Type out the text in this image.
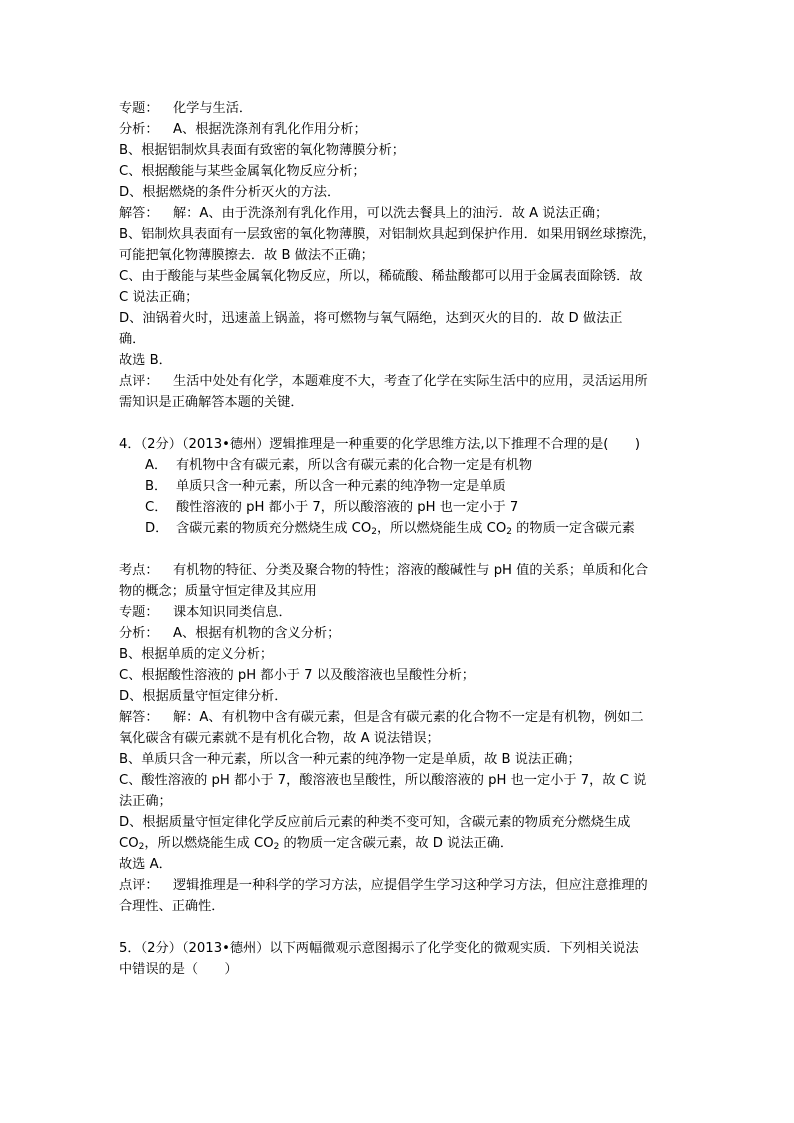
专题： 化学与生活．
分析： A、根据洗涤剂有乳化作用分析；
B、根据铝制炊具表面有致密的氧化物薄膜分析；
C、根据酸能与某些金属氧化物反应分析；
D、根据燃烧的条件分析灭火的方法．
解答： 解：A、由于洗涤剂有乳化作用，可以洗去餐具上的油污．故 A 说法正确；
B、铝制炊具表面有一层致密的氧化物薄膜，对铝制炊具起到保护作用．如果用钢丝球擦洗，
可能把氧化物薄膜擦去．故 B 做法不正确；
C、由于酸能与某些金属氧化物反应，所以，稀硫酸、稀盐酸都可以用于金属表面除锈．故
C 说法正确；
D、油锅着火时，迅速盖上锅盖，将可燃物与氧气隔绝，达到灭火的目的．故 D 做法正
确．
故选 B．
点评： 生活中处处有化学，本题难度不大，考查了化学在实际生活中的应用，灵活运用所
需知识是正确解答本题的关键．
4．（2分）（2013•德州）逻辑推理是一种重要的化学思维方法,以下推理不合理的是(　　)
A． 有机物中含有碳元素，所以含有碳元素的化合物一定是有机物
B． 单质只含一种元素，所以含一种元素的纯净物一定是单质
C． 酸性溶液的 pH 都小于 7，所以酸溶液的 pH 也一定小于 7
D． 含碳元素的物质充分燃烧生成 $CO_2$，所以燃烧能生成 $CO_2$ 的物质一定含碳元素
考点： 有机物的特征、分类及聚合物的特性；溶液的酸碱性与 pH 值的关系；单质和化合
物的概念；质量守恒定律及其应用
专题： 课本知识同类信息．
分析： A、根据有机物的含义分析；
B、根据单质的定义分析；
C、根据酸性溶液的 pH 都小于 7 以及酸溶液也呈酸性分析；
D、根据质量守恒定律分析．
解答： 解：A、有机物中含有碳元素，但是含有碳元素的化合物不一定是有机物，例如二
氧化碳含有碳元素就不是有机化合物，故 A 说法错误；
B、单质只含一种元素，所以含一种元素的纯净物一定是单质，故 B 说法正确；
C、酸性溶液的 pH 都小于 7，酸溶液也呈酸性，所以酸溶液的 pH 也一定小于 7，故 C 说
法正确；
D、根据质量守恒定律化学反应前后元素的种类不变可知，含碳元素的物质充分燃烧生成
$CO_2$，所以燃烧能生成 $CO_2$ 的物质一定含碳元素，故 D 说法正确．
故选 A．
点评： 逻辑推理是一种科学的学习方法，应提倡学生学习这种学习方法，但应注意推理的
合理性、正确性．
5．（2分）（2013•德州）以下两幅微观示意图揭示了化学变化的微观实质．下列相关说法
中错误的是（　　）
